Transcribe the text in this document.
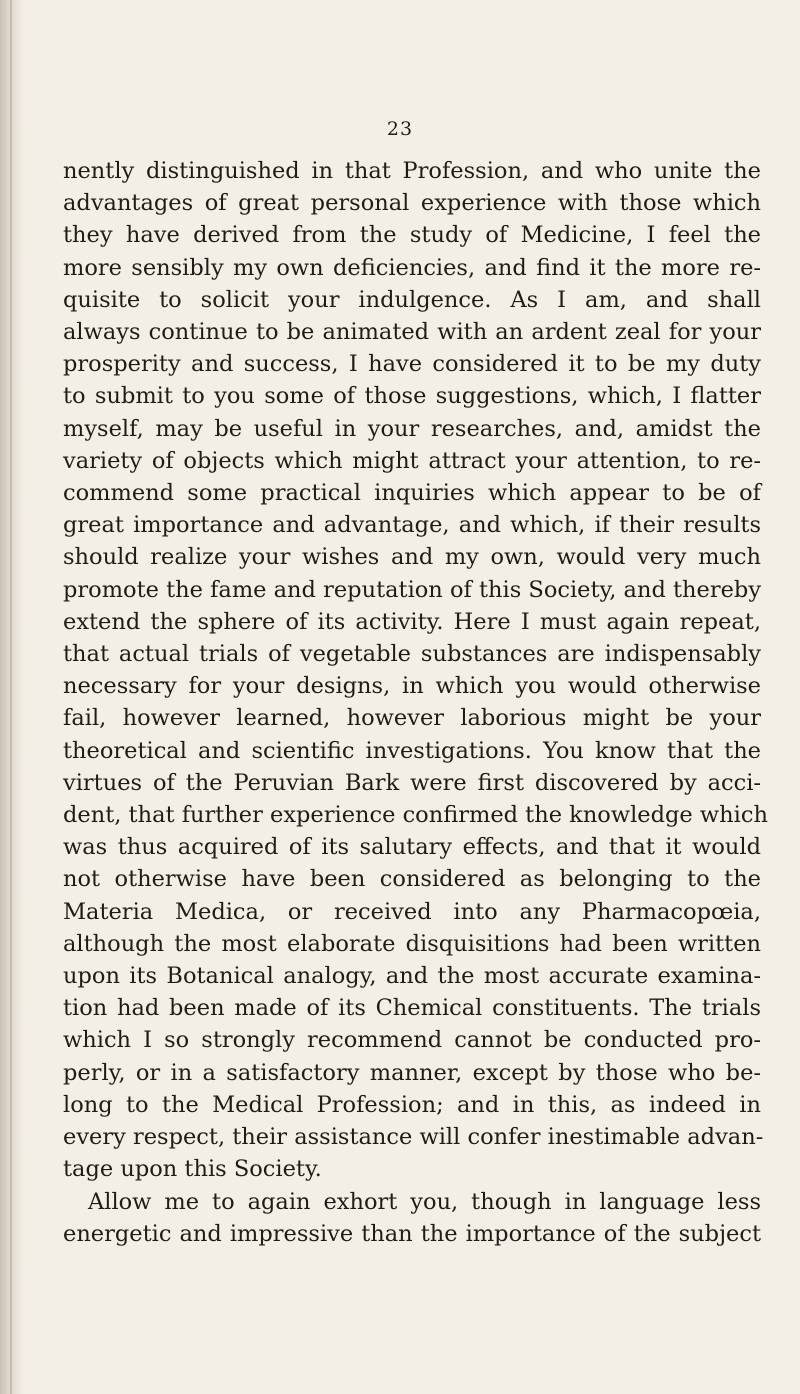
23
nently distinguished in that Profession, and who unite the
advantages of great personal experience with those which
they have derived from the study of Medicine, I feel the
more sensibly my own deficiencies, and find it the more re-
quisite to solicit your indulgence. As I am, and shall
always continue to be animated with an ardent zeal for your
prosperity and success, I have considered it to be my duty
to submit to you some of those suggestions, which, I flatter
myself, may be useful in your researches, and, amidst the
variety of objects which might attract your attention, to re-
commend some practical inquiries which appear to be of
great importance and advantage, and which, if their results
should realize your wishes and my own, would very much
promote the fame and reputation of this Society, and thereby
extend the sphere of its activity. Here I must again repeat,
that actual trials of vegetable substances are indispensably
necessary for your designs, in which you would otherwise
fail, however learned, however laborious might be your
theoretical and scientific investigations. You know that the
virtues of the Peruvian Bark were first discovered by acci-
dent, that further experience confirmed the knowledge which
was thus acquired of its salutary effects, and that it would
not otherwise have been considered as belonging to the
Materia Medica, or received into any Pharmacopœia,
although the most elaborate disquisitions had been written
upon its Botanical analogy, and the most accurate examina-
tion had been made of its Chemical constituents. The trials
which I so strongly recommend cannot be conducted pro-
perly, or in a satisfactory manner, except by those who be-
long to the Medical Profession; and in this, as indeed in
every respect, their assistance will confer inestimable advan-
tage upon this Society.
Allow me to again exhort you, though in language less
energetic and impressive than the importance of the subject
